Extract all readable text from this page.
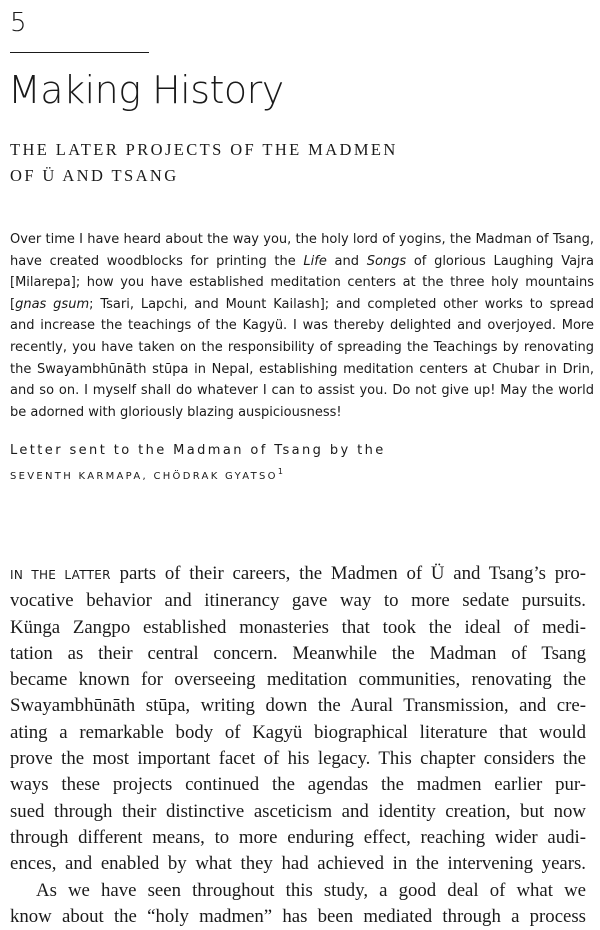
5
Making History
THE LATER PROJECTS OF THE MADMEN
OF Ü AND TSANG
Over time I have heard about the way you, the holy lord of yogins, the Madman of Tsang,
have created woodblocks for printing the Life and Songs of glorious Laughing Vajra
[Milarepa]; how you have established meditation centers at the three holy mountains
[gnas gsum; Tsari, Lapchi, and Mount Kailash]; and completed other works to spread
and increase the teachings of the Kagyü. I was thereby delighted and overjoyed. More
recently, you have taken on the responsibility of spreading the Teachings by renovating
the Swayambhūnāth stūpa in Nepal, establishing meditation centers at Chubar in Drin,
and so on. I myself shall do whatever I can to assist you. Do not give up! May the world
be adorned with gloriously blazing auspiciousness!
Letter sent to the Madman of Tsang by the
SEVENTH KARMAPA, CHÖDRAK GYATSO$^1$
IN THE LATTER parts of their careers, the Madmen of Ü and Tsang’s pro-
vocative behavior and itinerancy gave way to more sedate pursuits.
Künga Zangpo established monasteries that took the ideal of medi-
tation as their central concern. Meanwhile the Madman of Tsang
became known for overseeing meditation communities, renovating the
Swayambhūnāth stūpa, writing down the Aural Transmission, and cre-
ating a remarkable body of Kagyü biographical literature that would
prove the most important facet of his legacy. This chapter considers the
ways these projects continued the agendas the madmen earlier pur-
sued through their distinctive asceticism and identity creation, but now
through different means, to more enduring effect, reaching wider audi-
ences, and enabled by what they had achieved in the intervening years.
As we have seen throughout this study, a good deal of what we
know about the “holy madmen” has been mediated through a process
